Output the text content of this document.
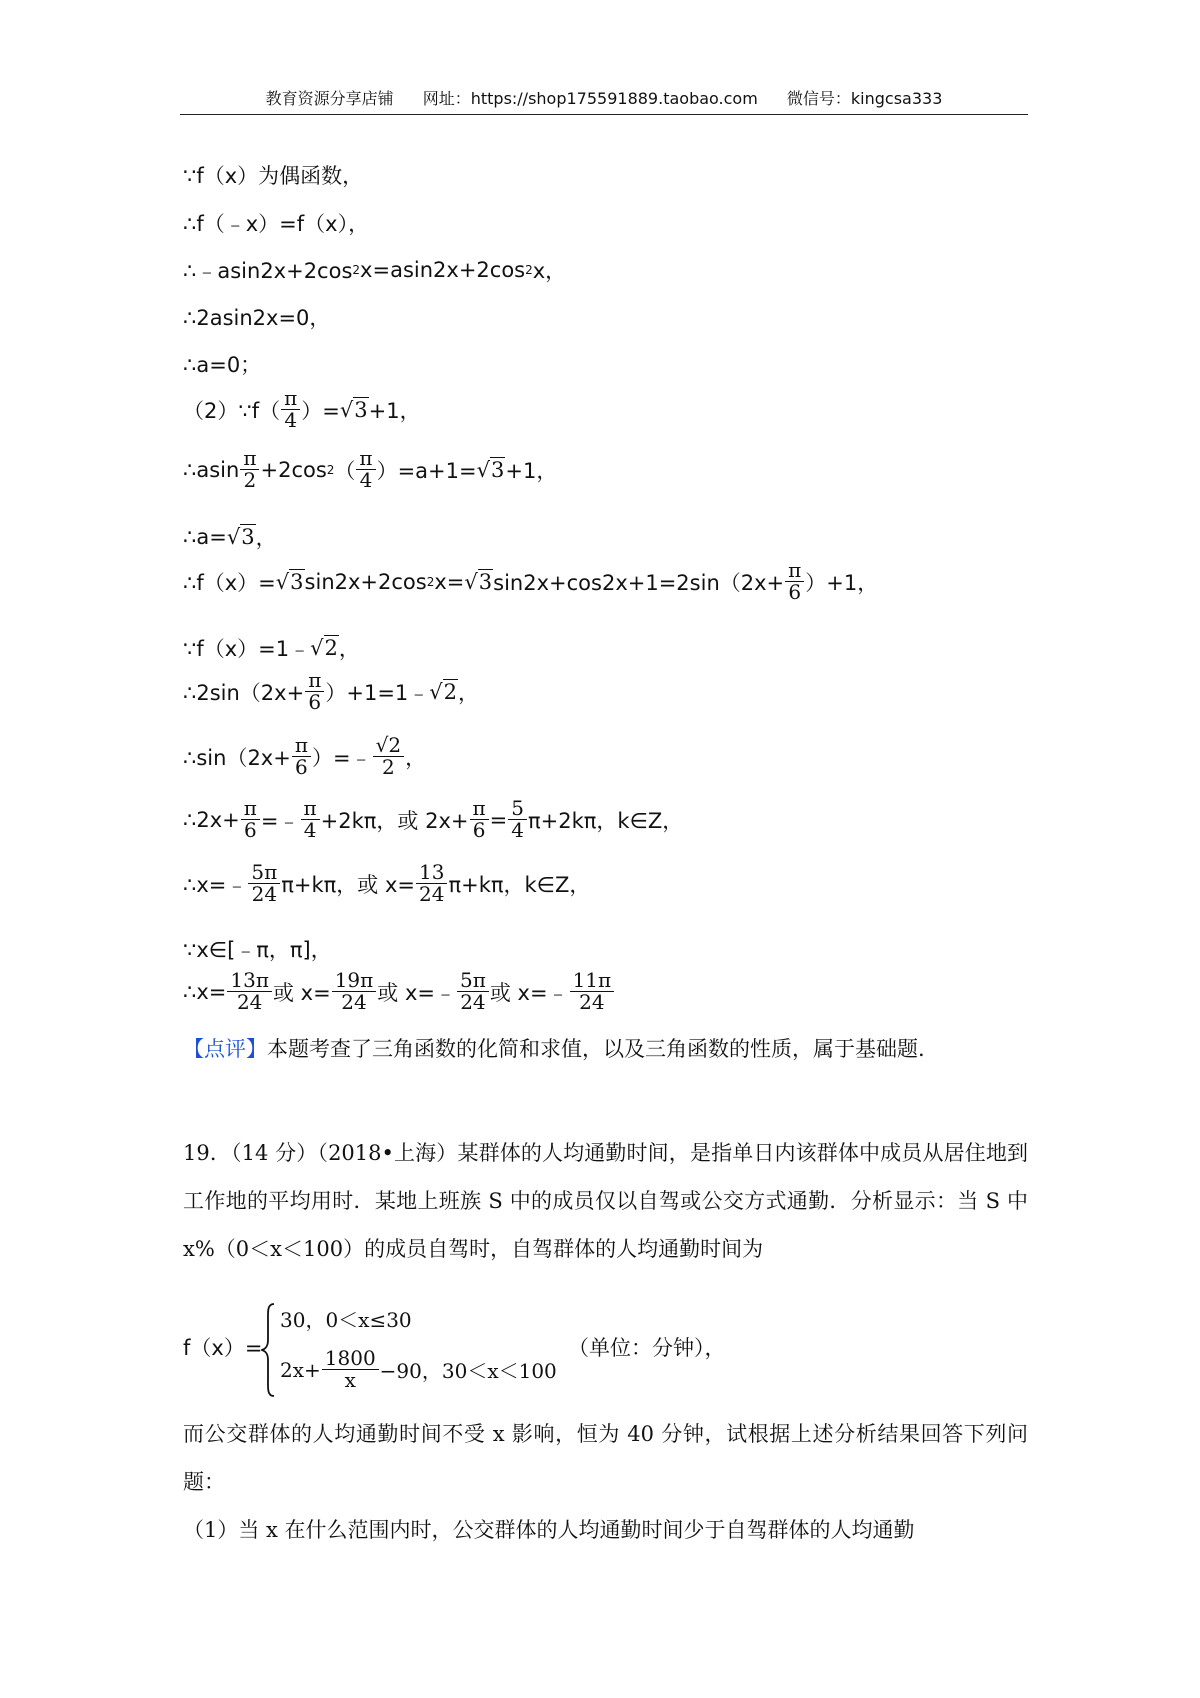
教育资源分享店铺 网址：https://shop175591889.taobao.com 微信号：kingcsa333
∵f（x）为偶函数，
∴f（﹣x）=f（x），
∴﹣asin2x+2cos 2 x=asin2x+2cos 2 x，
∴2asin2x=0，
∴a=0；
（2）∵f（ $\frac{\pi}{4}$ ）= √3 +1，
∴asin $\frac{\pi}{2} +2\cos$ 2 （ $\frac{\pi}{4} )=a+1= √3 +1$，
∴a= √3 ，
∴f（x）= √3 sin2x+2cos 2 x= √3 $\sin 2x+\cos 2x+1=2\sin(2x+ \frac{\pi}{6} )+1$，
∵f（x）=1﹣ √2 ，
∴2sin（2x+ $\frac{\pi}{6}$ ）+1=1﹣ √2 ，
∴sin（2x+ $\frac{\pi}{6}$ ）=﹣ $\frac{√2}{2}$ ，
∴2x+ $\frac{\pi}{6}$ =﹣ $\frac{\pi}{4} +2k\pi$，或 $2x+ \frac{\pi}{6} = \frac{5}{4} \pi+2k\pi$，k∈Z，
∴x=﹣ $\frac{5\pi}{24} \pi+k\pi$，或 $x= \frac{13}{24} \pi+k\pi$，k∈Z，
∵x∈[﹣π，π]，
∴x= $\frac{13\pi}{24}$ 或 $x= \frac{19\pi}{24}$ 或 x=﹣ $\frac{5\pi}{24}$ 或 x=﹣ $\frac{11\pi}{24}$
【点评】本题考查了三角函数的化简和求值，以及三角函数的性质，属于基础题.
19．（14 分）（2018•上海）某群体的人均通勤时间，是指单日内该群体中成员从居住地到工作地的平均用时．某地上班族 S 中的成员仅以自驾或公交方式通勤．分析显示：当 S 中 x%（0＜x＜100）的成员自驾时，自驾群体的人均通勤时间为
f（x）=
30，0＜x≤30
$2x+ \frac{1800}{x} -90$，30＜x＜100
（单位：分钟），
而公交群体的人均通勤时间不受 x 影响，恒为 40 分钟，试根据上述分析结果回答下列问题：
（1）当 x 在什么范围内时，公交群体的人均通勤时间少于自驾群体的人均通勤
